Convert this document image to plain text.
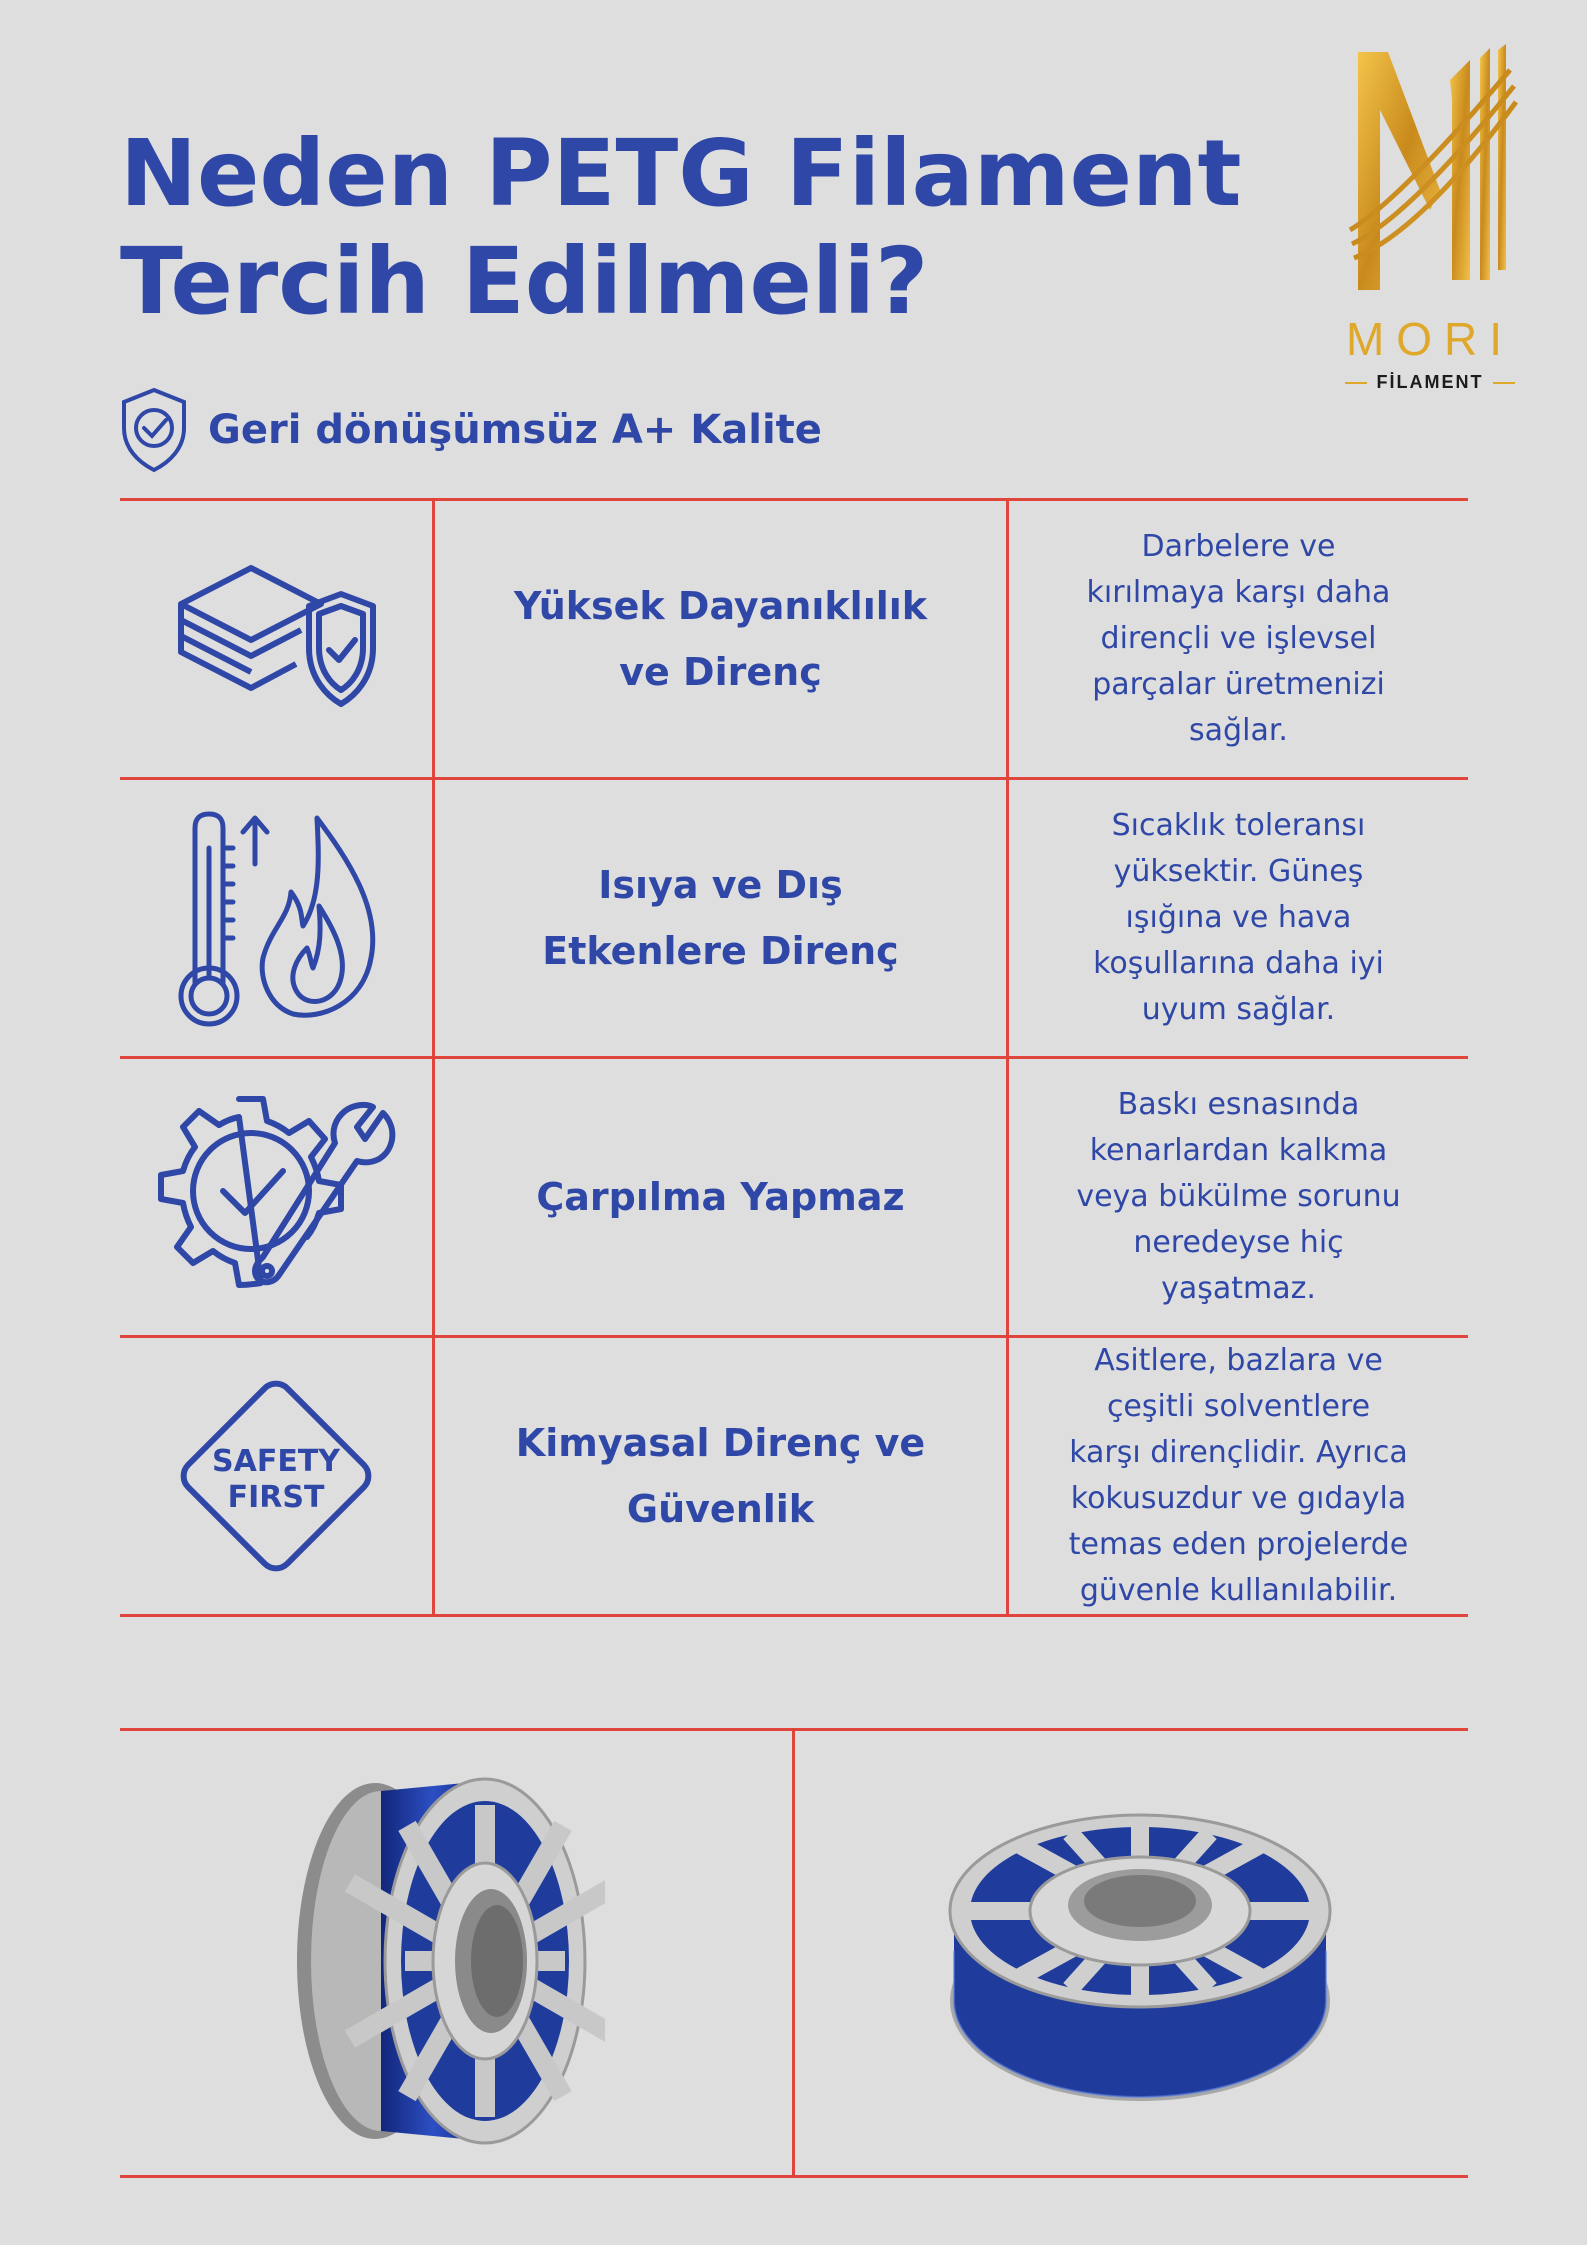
Neden PETG Filament
Tercih Edilmeli?
MORI
FİLAMENT
Geri dönüşümsüz A+ Kalite
Yüksek Dayanıklılık ve Direnç
Darbelere ve kırılmaya karşı daha dirençli ve işlevsel parçalar üretmenizi sağlar.
Isıya ve Dış Etkenlere Direnç
Sıcaklık toleransı yüksektir. Güneş ışığına ve hava koşullarına daha iyi uyum sağlar.
Çarpılma Yapmaz
Baskı esnasında kenarlardan kalkma veya bükülme sorunu neredeyse hiç yaşatmaz.
SAFETY
FIRST
Kimyasal Direnç ve Güvenlik
Asitlere, bazlara ve çeşitli solventlere karşı dirençlidir. Ayrıca kokusuzdur ve gıdayla temas eden projelerde güvenle kullanılabilir.
